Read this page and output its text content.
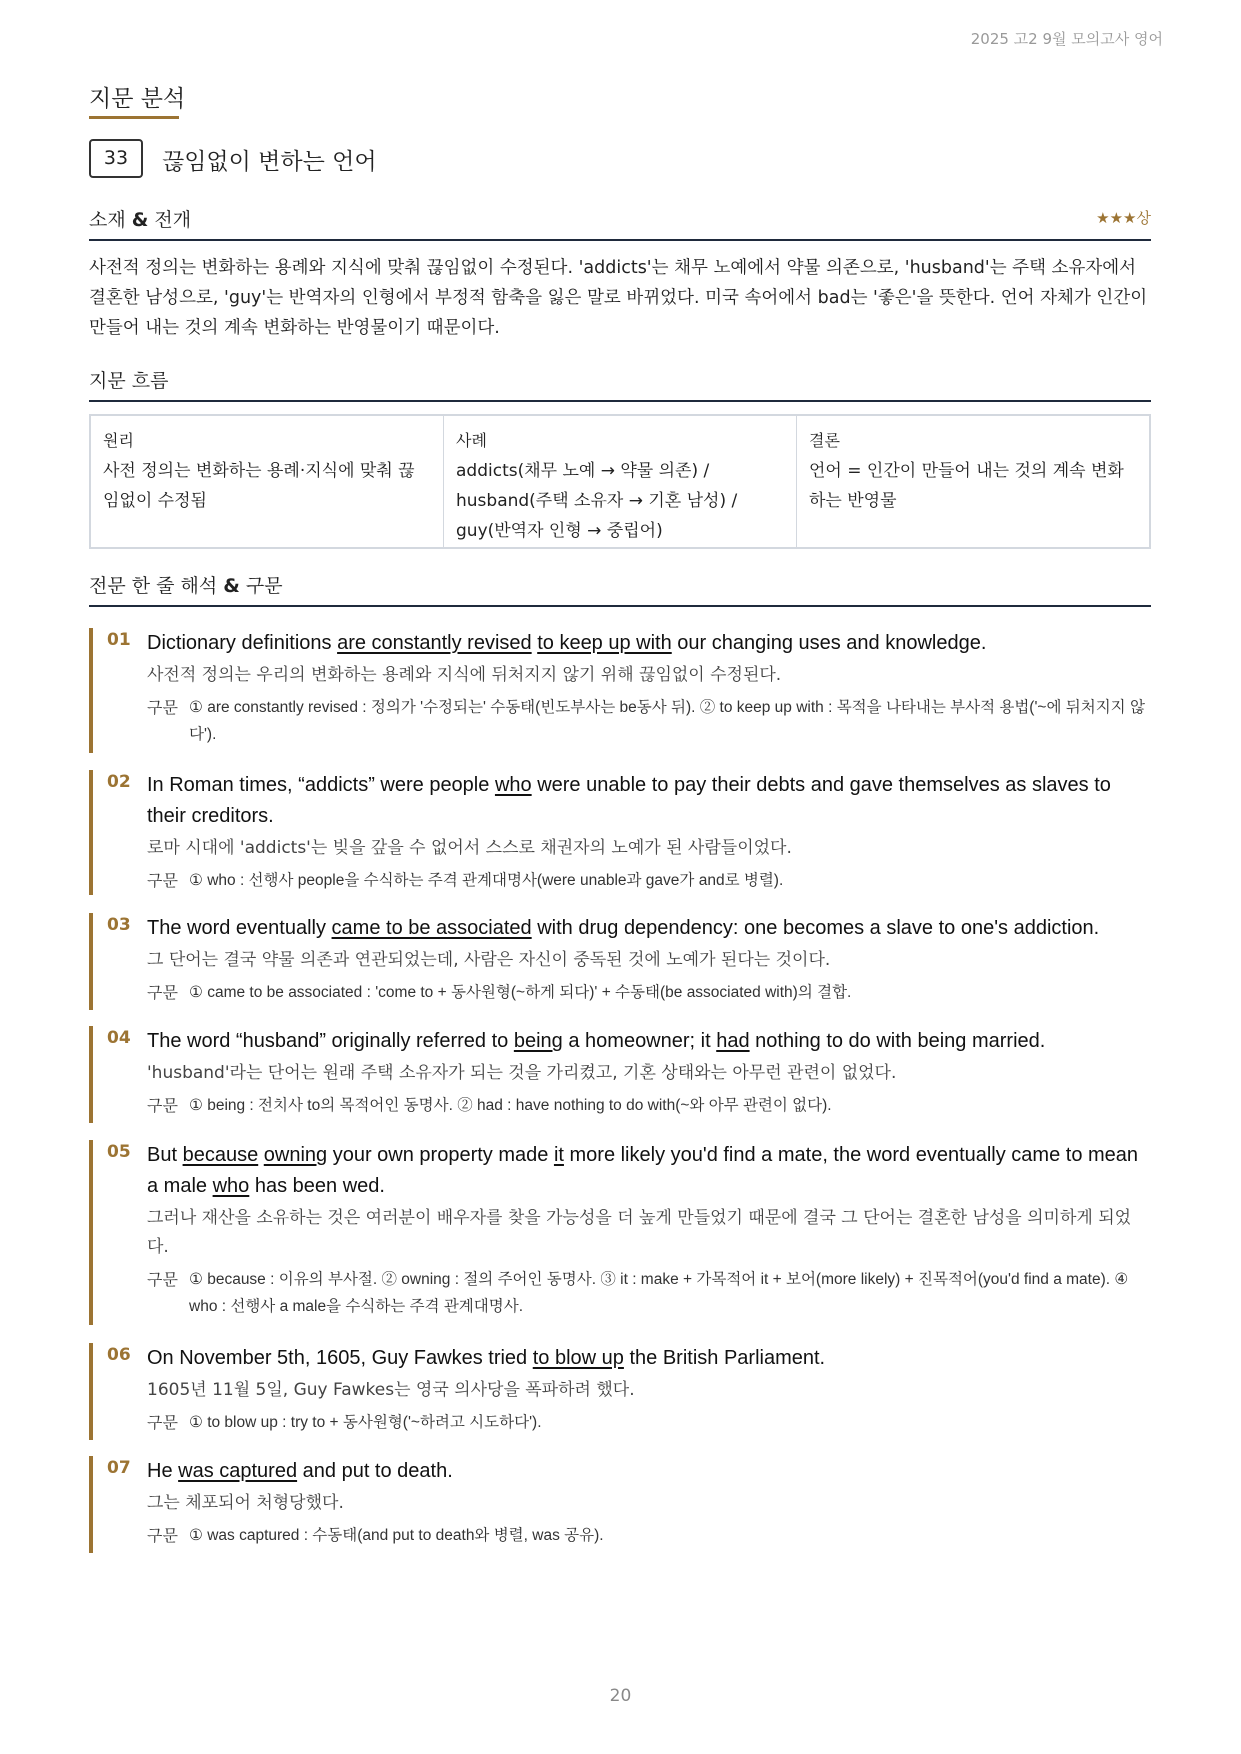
2025 고2 9월 모의고사 영어
지문 분석
33	끊임없이 변하는 언어
소재 & 전개	★★★상
사전적 정의는 변화하는 용례와 지식에 맞춰 끊임없이 수정된다. 'addicts'는 채무 노예에서 약물 의존으로, 'husband'는 주택 소유자에서 결혼한 남성으로, 'guy'는 반역자의 인형에서 부정적 함축을 잃은 말로 바뀌었다. 미국 속어에서 bad는 '좋은'을 뜻한다. 언어 자체가 인간이 만들어 내는 것의 계속 변화하는 반영물이기 때문이다.
지문 흐름
원리
사전 정의는 변화하는 용례·지식에 맞춰 끊임없이 수정됨
사례
addicts(채무 노예 → 약물 의존) / husband(주택 소유자 → 기혼 남성) / guy(반역자 인형 → 중립어)
결론
언어 = 인간이 만들어 내는 것의 계속 변화하는 반영물
전문 한 줄 해석 & 구문
01 Dictionary definitions are constantly revised to keep up with our changing uses and knowledge.
사전적 정의는 우리의 변화하는 용례와 지식에 뒤처지지 않기 위해 끊임없이 수정된다.
구문 ① are constantly revised : 정의가 '수정되는' 수동태(빈도부사는 be동사 뒤). ② to keep up with : 목적을 나타내는 부사적 용법('~에 뒤처지지 않다').
02 In Roman times, “addicts” were people who were unable to pay their debts and gave themselves as slaves to their creditors.
로마 시대에 'addicts'는 빚을 갚을 수 없어서 스스로 채권자의 노예가 된 사람들이었다.
구문 ① who : 선행사 people을 수식하는 주격 관계대명사(were unable과 gave가 and로 병렬).
03 The word eventually came to be associated with drug dependency: one becomes a slave to one's addiction.
그 단어는 결국 약물 의존과 연관되었는데, 사람은 자신이 중독된 것에 노예가 된다는 것이다.
구문 ① came to be associated : 'come to + 동사원형(~하게 되다)' + 수동태(be associated with)의 결합.
04 The word “husband” originally referred to being a homeowner; it had nothing to do with being married.
'husband'라는 단어는 원래 주택 소유자가 되는 것을 가리켰고, 기혼 상태와는 아무런 관련이 없었다.
구문 ① being : 전치사 to의 목적어인 동명사. ② had : have nothing to do with(~와 아무 관련이 없다).
05 But because owning your own property made it more likely you'd find a mate, the word eventually came to mean a male who has been wed.
그러나 재산을 소유하는 것은 여러분이 배우자를 찾을 가능성을 더 높게 만들었기 때문에 결국 그 단어는 결혼한 남성을 의미하게 되었다.
구문 ① because : 이유의 부사절. ② owning : 절의 주어인 동명사. ③ it : make + 가목적어 it + 보어(more likely) + 진목적어(you'd find a mate). ④ who : 선행사 a male을 수식하는 주격 관계대명사.
06 On November 5th, 1605, Guy Fawkes tried to blow up the British Parliament.
1605년 11월 5일, Guy Fawkes는 영국 의사당을 폭파하려 했다.
구문 ① to blow up : try to + 동사원형('~하려고 시도하다').
07 He was captured and put to death.
그는 체포되어 처형당했다.
구문 ① was captured : 수동태(and put to death와 병렬, was 공유).
20
